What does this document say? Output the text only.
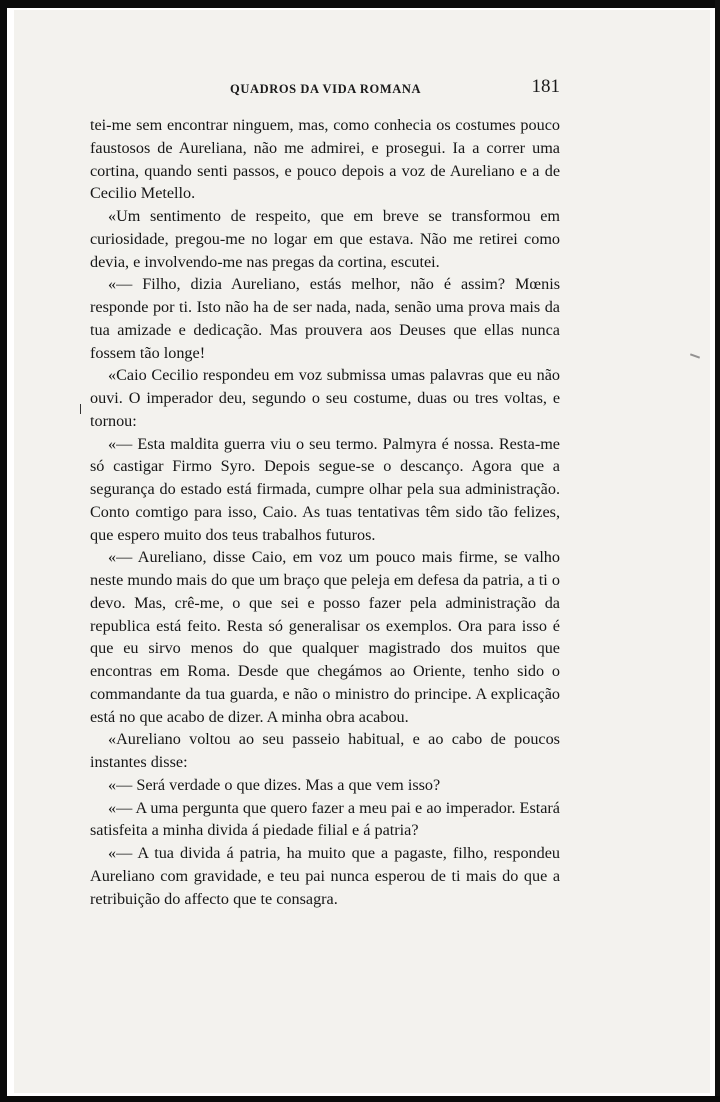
QUADROS DA VIDA ROMANA	181

tei-me sem encontrar ninguem, mas, como conhecia os costumes pouco faustosos de Aureliana, não me admirei, e prosegui. Ia a correr uma cortina, quando senti passos, e pouco depois a voz de Aureliano e a de Cecilio Metello.

«Um sentimento de respeito, que em breve se transformou em curiosidade, pregou-me no logar em que estava. Não me retirei como devia, e involvendo-me nas pregas da cortina, escutei.

«— Filho, dizia Aureliano, estás melhor, não é assim? Mœnis responde por ti. Isto não ha de ser nada, nada, senão uma prova mais da tua amizade e dedicação. Mas prouvera aos Deuses que ellas nunca fossem tão longe!

«Caio Cecilio respondeu em voz submissa umas palavras que eu não ouvi. O imperador deu, segundo o seu costume, duas ou tres voltas, e tornou:

«— Esta maldita guerra viu o seu termo. Palmyra é nossa. Resta-me só castigar Firmo Syro. Depois segue-se o descanço. Agora que a segurança do estado está firmada, cumpre olhar pela sua administração. Conto comtigo para isso, Caio. As tuas tentativas têm sido tão felizes, que espero muito dos teus trabalhos futuros.

«— Aureliano, disse Caio, em voz um pouco mais firme, se valho neste mundo mais do que um braço que peleja em defesa da patria, a ti o devo. Mas, crê-me, o que sei e posso fazer pela administração da republica está feito. Resta só generalisar os exemplos. Ora para isso é que eu sirvo menos do que qualquer magistrado dos muitos que encontras em Roma. Desde que chegámos ao Oriente, tenho sido o commandante da tua guarda, e não o ministro do principe. A explicação está no que acabo de dizer. A minha obra acabou.

«Aureliano voltou ao seu passeio habitual, e ao cabo de poucos instantes disse:

«— Será verdade o que dizes. Mas a que vem isso?

«— A uma pergunta que quero fazer a meu pai e ao imperador. Estará satisfeita a minha divida á piedade filial e á patria?

«— A tua divida á patria, ha muito que a pagaste, filho, respondeu Aureliano com gravidade, e teu pai nunca esperou de ti mais do que a retribuição do affecto que te consagra.
